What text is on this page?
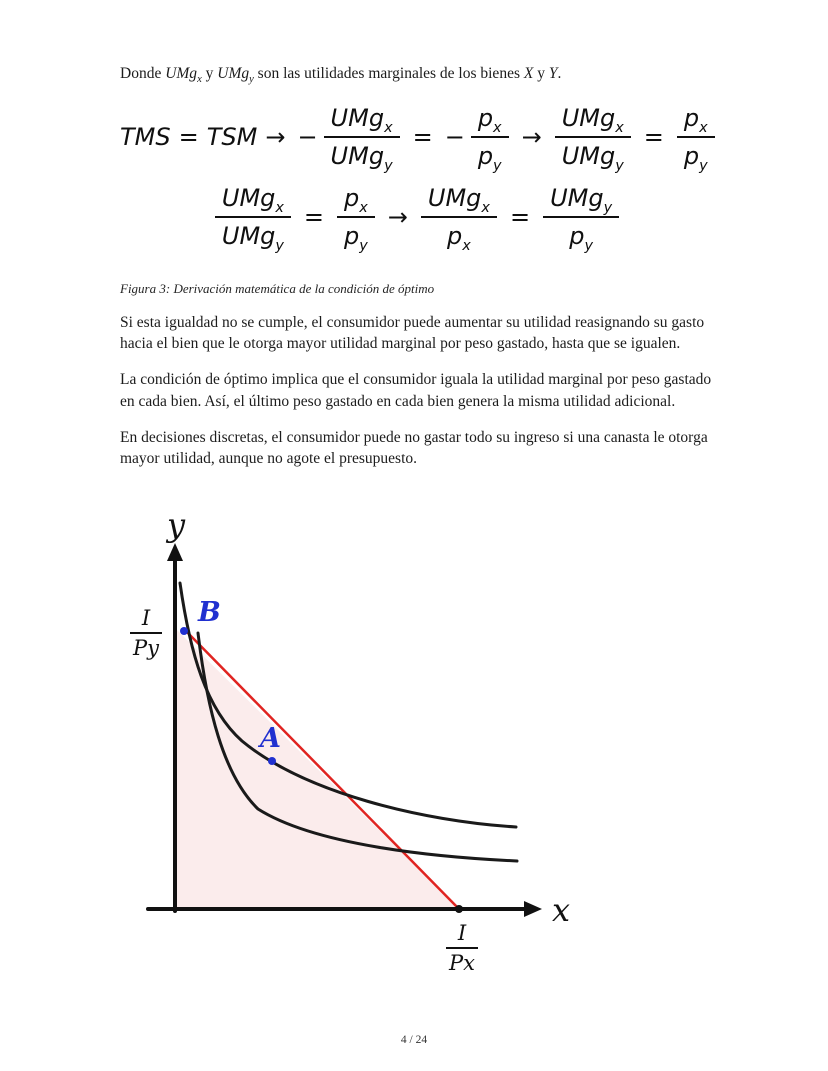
Donde UMg$_x$ y UMg$_y$ son las utilidades marginales de los bienes X y Y.

TMS = TSM → − $\frac{UMg_x}{UMg_y}$ = − $\frac{p_x}{p_y} \to \frac{UMg_x}{UMg_y} = \frac{p_x}{p_y}$
$\frac{UMg_x}{UMg_y} = \frac{p_x}{p_y} \to \frac{UMg_x}{p_x} = \frac{UMg_y}{p_y}$

Figura 3: Derivación matemática de la condición de óptimo

Si esta igualdad no se cumple, el consumidor puede aumentar su utilidad reasignando su gasto hacia el bien que le otorga mayor utilidad marginal por peso gastado, hasta que se igualen.

La condición de óptimo implica que el consumidor iguala la utilidad marginal por peso gastado en cada bien. Así, el último peso gastado en cada bien genera la misma utilidad adicional.

En decisiones discretas, el consumidor puede no gastar todo su ingreso si una canasta le otorga mayor utilidad, aunque no agote el presupuesto.

y
x
B
A
I
Py
I
Px
4 / 24
